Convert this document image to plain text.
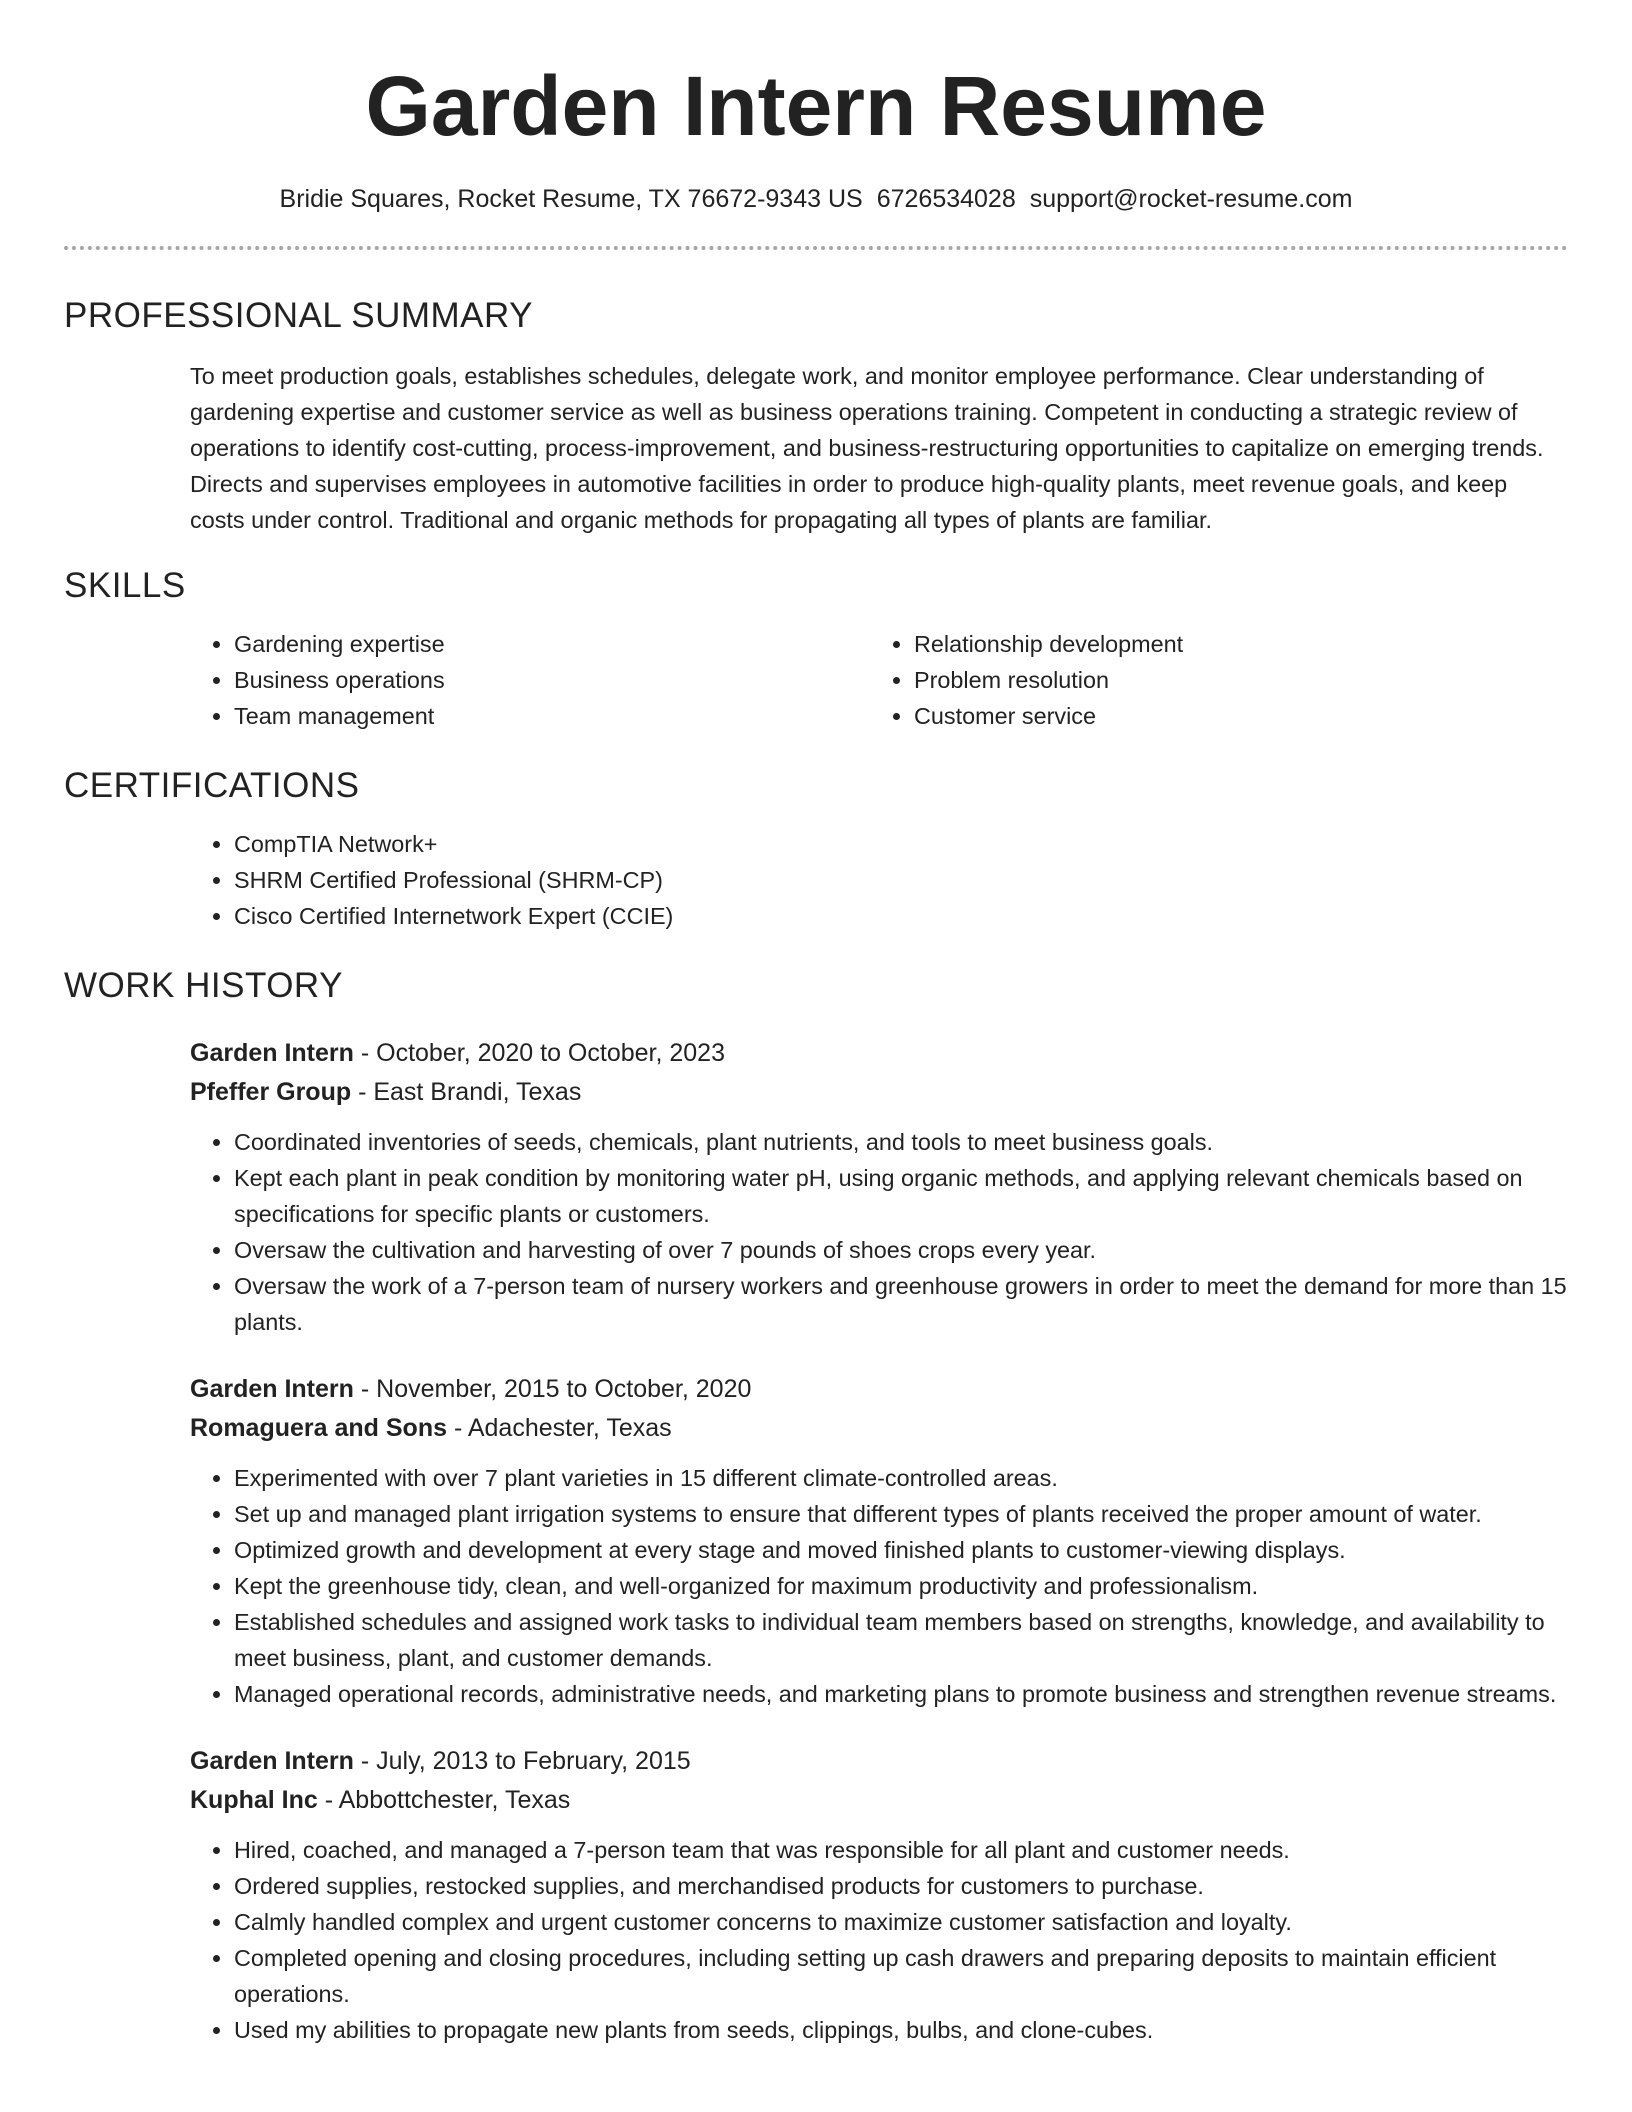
Garden Intern Resume
Bridie Squares, Rocket Resume, TX 76672-9343 US 6726534028 support@rocket-resume.com
PROFESSIONAL SUMMARY
To meet production goals, establishes schedules, delegate work, and monitor employee performance. Clear understanding of gardening expertise and customer service as well as business operations training. Competent in conducting a strategic review of operations to identify cost-cutting, process-improvement, and business-restructuring opportunities to capitalize on emerging trends. Directs and supervises employees in automotive facilities in order to produce high-quality plants, meet revenue goals, and keep costs under control. Traditional and organic methods for propagating all types of plants are familiar.
SKILLS
• Gardening expertise
• Business operations
• Team management
• Relationship development
• Problem resolution
• Customer service
CERTIFICATIONS
• CompTIA Network+
• SHRM Certified Professional (SHRM-CP)
• Cisco Certified Internetwork Expert (CCIE)
WORK HISTORY
Garden Intern - October, 2020 to October, 2023
Pfeffer Group - East Brandi, Texas
• Coordinated inventories of seeds, chemicals, plant nutrients, and tools to meet business goals.
• Kept each plant in peak condition by monitoring water pH, using organic methods, and applying relevant chemicals based on specifications for specific plants or customers.
• Oversaw the cultivation and harvesting of over 7 pounds of shoes crops every year.
• Oversaw the work of a 7-person team of nursery workers and greenhouse growers in order to meet the demand for more than 15 plants.
Garden Intern - November, 2015 to October, 2020
Romaguera and Sons - Adachester, Texas
• Experimented with over 7 plant varieties in 15 different climate-controlled areas.
• Set up and managed plant irrigation systems to ensure that different types of plants received the proper amount of water.
• Optimized growth and development at every stage and moved finished plants to customer-viewing displays.
• Kept the greenhouse tidy, clean, and well-organized for maximum productivity and professionalism.
• Established schedules and assigned work tasks to individual team members based on strengths, knowledge, and availability to meet business, plant, and customer demands.
• Managed operational records, administrative needs, and marketing plans to promote business and strengthen revenue streams.
Garden Intern - July, 2013 to February, 2015
Kuphal Inc - Abbottchester, Texas
• Hired, coached, and managed a 7-person team that was responsible for all plant and customer needs.
• Ordered supplies, restocked supplies, and merchandised products for customers to purchase.
• Calmly handled complex and urgent customer concerns to maximize customer satisfaction and loyalty.
• Completed opening and closing procedures, including setting up cash drawers and preparing deposits to maintain efficient operations.
• Used my abilities to propagate new plants from seeds, clippings, bulbs, and clone-cubes.
